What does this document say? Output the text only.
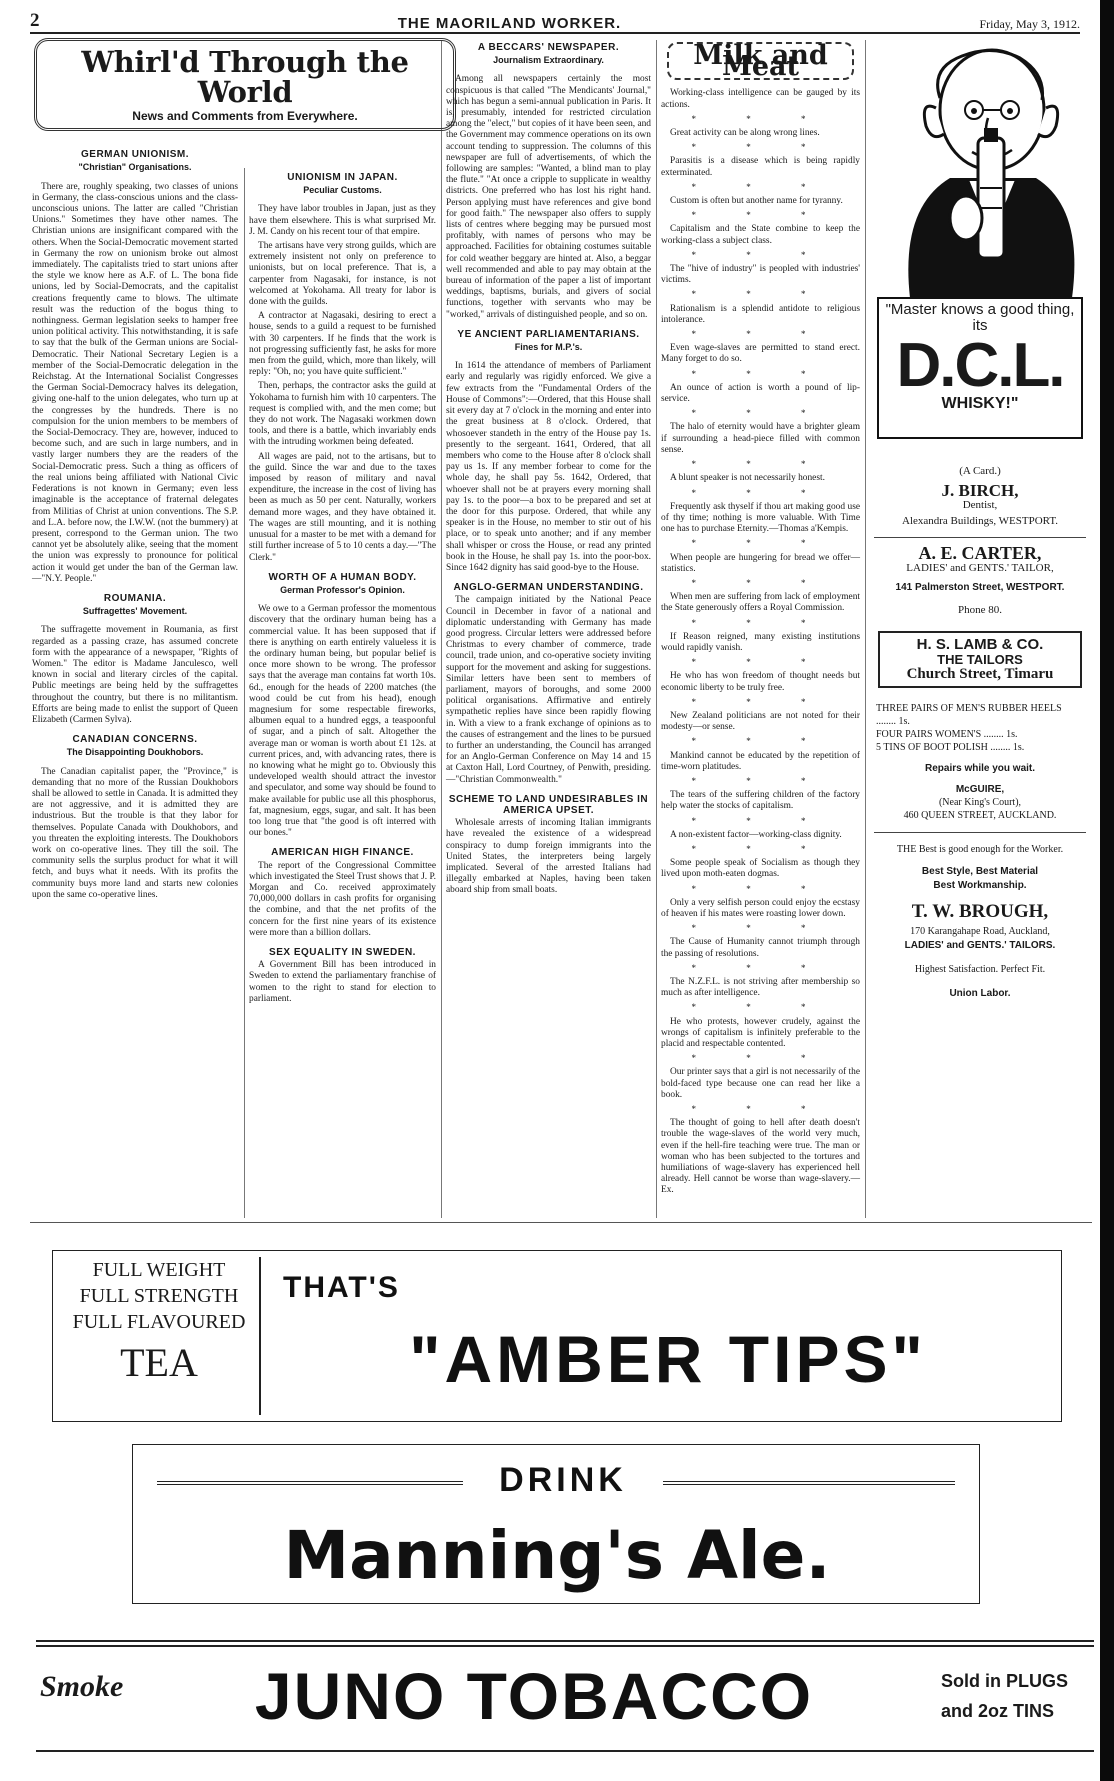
2	THE MAORILAND WORKER.	Friday, May 3, 1912.
Whirl'd Through the World
News and Comments from Everywhere.
GERMAN UNIONISM.
"Christian" Organisations.

There are, roughly speaking, two classes of unions in Germany, the class-conscious unions and the class-unconscious unions. The latter are called "Christian Unions." Sometimes they have other names. The Christian unions are insignificant compared with the others. When the Social-Democratic movement started in Germany the row on unionism broke out almost immediately. The capitalists tried to start unions after the style we know here as A.F. of L. The bona fide unions, led by Social-Democrats, and the capitalist creations frequently came to blows. The ultimate result was the reduction of the bogus thing to nothingness. German legislation seeks to hamper free union political activity. This notwithstanding, it is safe to say that the bulk of the German unions are Social-Democratic. Their National Secretary Legien is a member of the Social-Democratic delegation in the Reichstag. At the International Socialist Congresses the German Social-Democracy halves its delegation, giving one-half to the union delegates, who turn up at the congresses by the hundreds. There is no compulsion for the union members to be members of the Social-Democracy. They are, however, induced to become such, and are such in large numbers, and in vastly larger numbers they are the readers of the Social-Democratic press. Such a thing as officers of the real unions being affiliated with National Civic Federations is not known in Germany; even less imaginable is the acceptance of fraternal delegates from Militias of Christ at union conventions. The S.P. and L.A. before now, the I.W.W. (not the bummery) at present, correspond to the German union. The two cannot yet be absolutely alike, seeing that the moment the union was expressly to pronounce for political action it would get under the ban of the German law.—"N.Y. People."

ROUMANIA.
Suffragettes' Movement.

The suffragette movement in Roumania, as first regarded as a passing craze, has assumed concrete form with the appearance of a newspaper, "Rights of Women." The editor is Madame Janculesco, well known in social and literary circles of the capital. Public meetings are being held by the suffragettes throughout the country, but there is no militantism. Efforts are being made to enlist the support of Queen Elizabeth (Carmen Sylva).

CANADIAN CONCERNS.
The Disappointing Doukhobors.

The Canadian capitalist paper, the "Province," is demanding that no more of the Russian Doukhobors shall be allowed to settle in Canada. It is admitted they are not aggressive, and it is admitted they are industrious. But the trouble is that they labor for themselves. Populate Canada with Doukhobors, and you threaten the exploiting interests. The Doukhobors work on co-operative lines. They till the soil. The community sells the surplus product for what it will fetch, and buys what it needs. With its profits the community buys more land and starts new colonies upon the same co-operative lines.

UNIONISM IN JAPAN.
Peculiar Customs.

They have labor troubles in Japan, just as they have them elsewhere. This is what surprised Mr. J. M. Candy on his recent tour of that empire.

The artisans have very strong guilds, which are extremely insistent not only on preference to unionists, but on local preference. That is, a carpenter from Nagasaki, for instance, is not welcomed at Yokohama. All treaty for labor is done with the guilds.

A contractor at Nagasaki, desiring to erect a house, sends to a guild a request to be furnished with 30 carpenters. If he finds that the work is not progressing sufficiently fast, he asks for more men from the guild, which, more than likely, will reply: "Oh, no; you have quite sufficient."

Then, perhaps, the contractor asks the guild at Yokohama to furnish him with 10 carpenters. The request is complied with, and the men come; but they do not work. The Nagasaki workmen down tools, and there is a battle, which invariably ends with the intruding workmen being defeated.

All wages are paid, not to the artisans, but to the guild. Since the war and due to the taxes imposed by reason of military and naval expenditure, the increase in the cost of living has been as much as 50 per cent. Naturally, workers demand more wages, and they have obtained it. The wages are still mounting, and it is nothing unusual for a master to be met with a demand for still further increase of 5 to 10 cents a day.—"The Clerk."

WORTH OF A HUMAN BODY.
German Professor's Opinion.

We owe to a German professor the momentous discovery that the ordinary human being has a commercial value. It has been supposed that if there is anything on earth entirely valueless it is the ordinary human being, but popular belief is once more shown to be wrong. The professor says that the average man contains fat worth 10s. 6d., enough for the heads of 2200 matches (the wood could be cut from his head), enough magnesium for some respectable fireworks, albumen equal to a hundred eggs, a teaspoonful of sugar, and a pinch of salt. Altogether the average man or woman is worth about £1 12s. at current prices, and, with advancing rates, there is no knowing what he might go to. Obviously this undeveloped wealth should attract the investor and speculator, and some way should be found to make available for public use all this phosphorus, fat, magnesium, eggs, sugar, and salt. It has been too long true that "the good is oft interred with our bones."

AMERICAN HIGH FINANCE.

The report of the Congressional Committee which investigated the Steel Trust shows that J. P. Morgan and Co. received approximately 70,000,000 dollars in cash profits for organising the combine, and that the net profits of the concern for the first nine years of its existence were more than a billion dollars.

SEX EQUALITY IN SWEDEN.

A Government Bill has been introduced in Sweden to extend the parliamentary franchise of women to the right to stand for election to parliament.

A BECCARS' NEWSPAPER.
Journalism Extraordinary.

Among all newspapers certainly the most conspicuous is that called "The Mendicants' Journal," which has begun a semi-annual publication in Paris. It is, presumably, intended for restricted circulation among the "elect," but copies of it have been seen, and the Government may commence operations on its own account tending to suppression. The columns of this newspaper are full of advertisements, of which the following are samples: "Wanted, a blind man to play the flute." "At once a cripple to supplicate in wealthy districts. One preferred who has lost his right hand. Person applying must have references and give bond for good faith." The newspaper also offers to supply lists of centres where begging may be pursued most profitably, with names of persons who may be approached. Facilities for obtaining costumes suitable for cold weather beggary are hinted at. Also, a beggar well recommended and able to pay may obtain at the bureau of information of the paper a list of important weddings, baptisms, burials, and givers of social functions, together with servants who may be "worked," arrivals of distinguished people, and so on.

YE ANCIENT PARLIAMENTARIANS.
Fines for M.P.'s.

In 1614 the attendance of members of Parliament early and regularly was rigidly enforced. We give a few extracts from the "Fundamental Orders of the House of Commons":—Ordered, that this House shall sit every day at 7 o'clock in the morning and enter into the great business at 8 o'clock. Ordered, that whosoever standeth in the entry of the House pay 1s. presently to the sergeant. 1641, Ordered, that all members who come to the House after 8 o'clock shall pay us 1s. If any member forbear to come for the whole day, he shall pay 5s. 1642, Ordered, that whoever shall not be at prayers every morning shall pay 1s. to the poor—a box to be prepared and set at the door for this purpose. Ordered, that while any speaker is in the House, no member to stir out of his place, or to speak unto another; and if any member shall whisper or cross the House, or read any printed book in the House, he shall pay 1s. into the poor-box. Since 1642 dignity has said good-bye to the House.

ANGLO-GERMAN UNDERSTANDING.

The campaign initiated by the National Peace Council in December in favor of a national and diplomatic understanding with Germany has made good progress. Circular letters were addressed before Christmas to every chamber of commerce, trade council, trade union, and co-operative society inviting support for the movement and asking for suggestions. Similar letters have been sent to members of parliament, mayors of boroughs, and some 2000 political organisations. Affirmative and entirely sympathetic replies have since been rapidly flowing in. With a view to a frank exchange of opinions as to the causes of estrangement and the lines to be pursued to further an understanding, the Council has arranged for an Anglo-German Conference on May 14 and 15 at Caxton Hall, Lord Courtney, of Penwith, presiding.—"Christian Commonwealth."

SCHEME TO LAND UNDESIRABLES IN AMERICA UPSET.

Wholesale arrests of incoming Italian immigrants have revealed the existence of a widespread conspiracy to dump foreign immigrants into the United States, the interpreters being largely implicated. Several of the arrested Italians had illegally embarked at Naples, having been taken aboard ship from small boats.

Milk and Meat

Working-class intelligence can be gauged by its actions.

* * *

Great activity can be along wrong lines.

* * *

Parasitis is a disease which is being rapidly exterminated.

* * *

Custom is often but another name for tyranny.

* * *

Capitalism and the State combine to keep the working-class a subject class.

* * *

The "hive of industry" is peopled with industries' victims.

* * *

Rationalism is a splendid antidote to religious intolerance.

* * *

Even wage-slaves are permitted to stand erect. Many forget to do so.

* * *

An ounce of action is worth a pound of lip-service.

* * *

The halo of eternity would have a brighter gleam if surrounding a head-piece filled with common sense.

* * *

A blunt speaker is not necessarily honest.

* * *

Frequently ask thyself if thou art making good use of thy time; nothing is more valuable. With Time one has to purchase Eternity.—Thomas a'Kempis.

* * *

When people are hungering for bread we offer—statistics.

* * *

When men are suffering from lack of employment the State generously offers a Royal Commission.

* * *

If Reason reigned, many existing institutions would rapidly vanish.

* * *

He who has won freedom of thought needs but economic liberty to be truly free.

* * *

New Zealand politicians are not noted for their modesty—or sense.

* * *

Mankind cannot be educated by the repetition of time-worn platitudes.

* * *

The tears of the suffering children of the factory help water the stocks of capitalism.

* * *

A non-existent factor—working-class dignity.

* * *

Some people speak of Socialism as though they lived upon moth-eaten dogmas.

* * *

Only a very selfish person could enjoy the ecstasy of heaven if his mates were roasting lower down.

* * *

The Cause of Humanity cannot triumph through the passing of resolutions.

* * *

The N.Z.F.L. is not striving after membership so much as after intelligence.

* * *

He who protests, however crudely, against the wrongs of capitalism is infinitely preferable to the placid and respectable contented.

* * *

Our printer says that a girl is not necessarily of the bold-faced type because one can read her like a book.

* * *

The thought of going to hell after death doesn't trouble the wage-slaves of the world very much, even if the hell-fire teaching were true. The man or woman who has been subjected to the tortures and humiliations of wage-slavery has experienced hell already. Hell cannot be worse than wage-slavery.—Ex.

"Master knows a good thing, its
D.C.L.
WHISKY!"
(A Card.)
J. BIRCH,
Dentist,
Alexandra Buildings, WESTPORT.
A. E. CARTER,
LADIES' and GENTS.' TAILOR,
141 Palmerston Street, WESTPORT.
Phone 80.
H. S. LAMB & CO.
THE TAILORS
Church Street, Timaru
THREE PAIRS OF MEN'S RUBBER HEELS ........ 1s.
FOUR PAIRS WOMEN'S ........ 1s.
5 TINS OF BOOT POLISH ........ 1s.
Repairs while you wait.
McGUIRE,
(Near King's Court),
460 QUEEN STREET, AUCKLAND.
THE Best is good enough for the Worker.
Best Style, Best Material
Best Workmanship.
T. W. BROUGH,
170 Karangahape Road, Auckland,
LADIES' and GENTS.' TAILORS.
Highest Satisfaction. Perfect Fit.
Union Labor.
FULL WEIGHT
FULL STRENGTH
FULL FLAVOURED
TEA
THAT'S
"AMBER TIPS"
DRINK
Manning's Ale.
Smoke	JUNO TOBACCO	Sold in PLUGS
and 2oz TINS
